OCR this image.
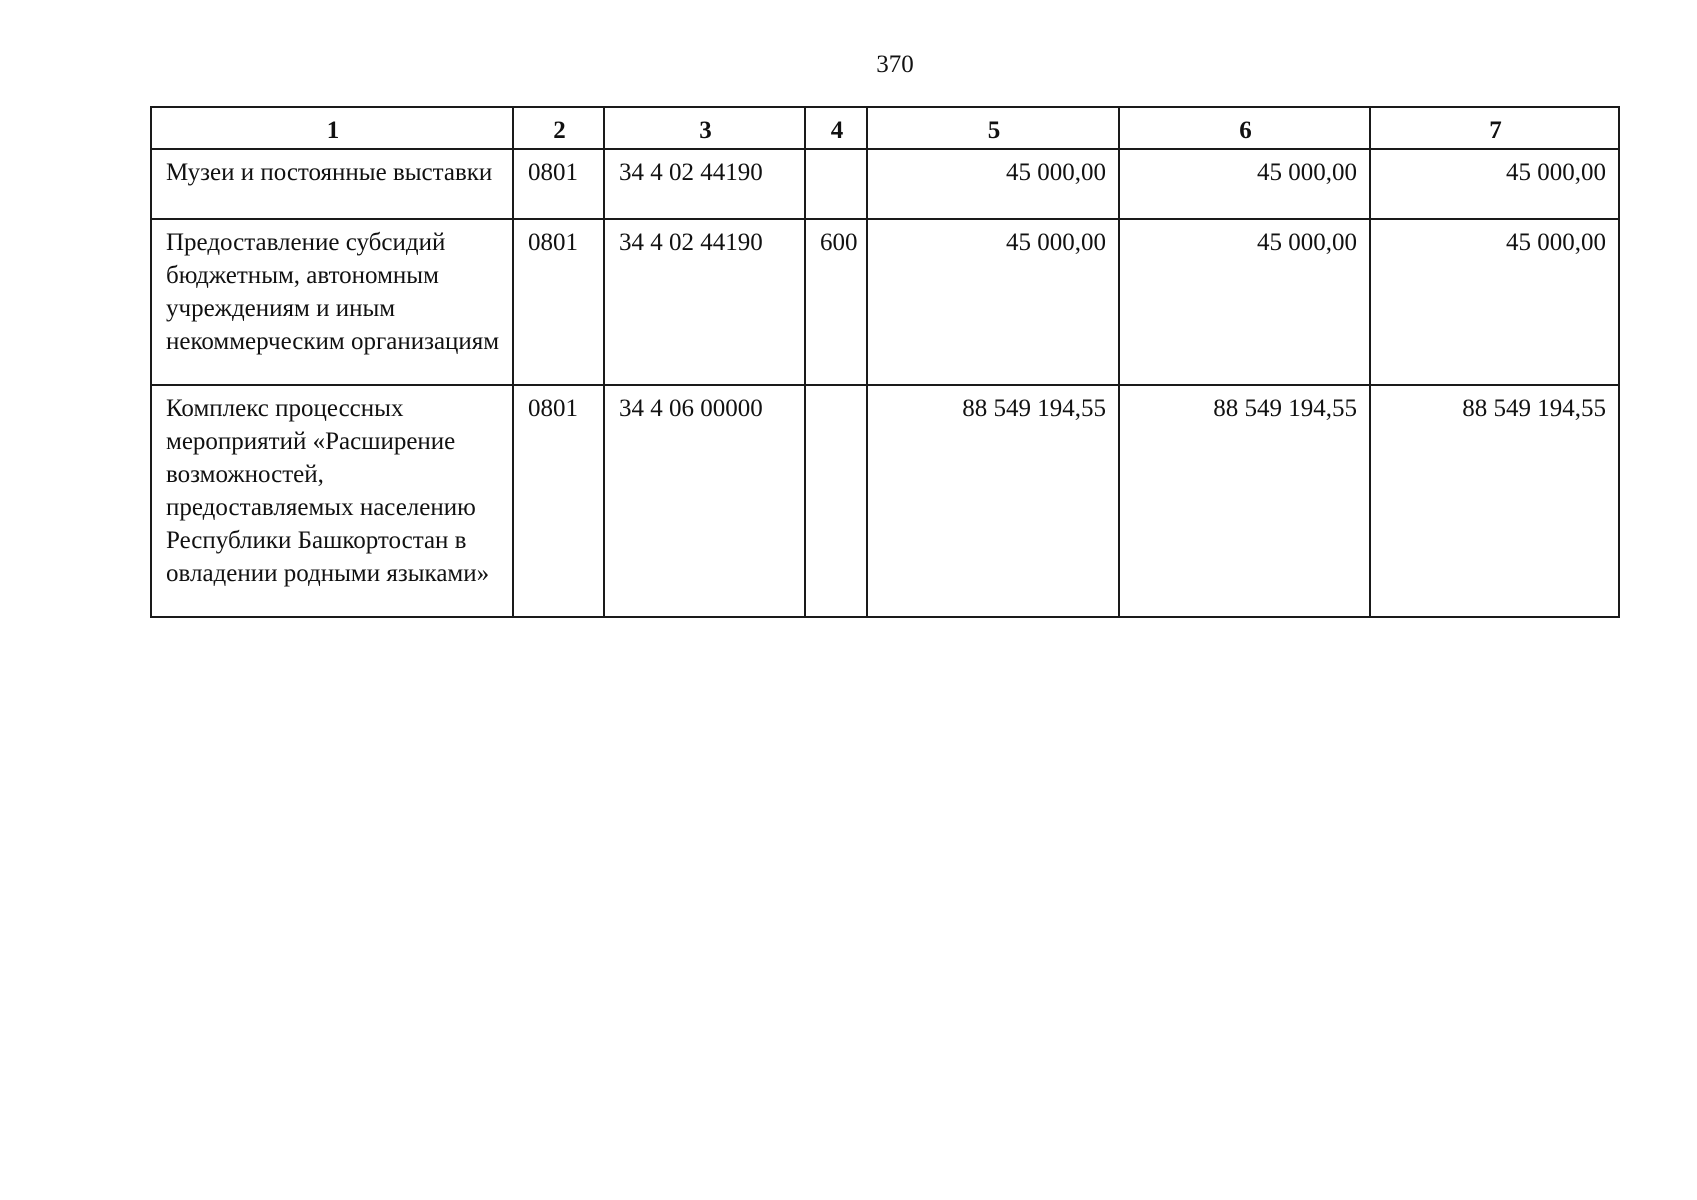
370
1	2	3	4	5	6	7
Музеи и постоянные выставки	0801	34 4 02 44190		45 000,00	45 000,00	45 000,00
Предоставление субсидий бюджетным, автономным учреждениям и иным некоммерческим организациям	0801	34 4 02 44190	600	45 000,00	45 000,00	45 000,00
Комплекс процессных мероприятий «Расширение возможностей, предоставляемых населению Республики Башкортостан в овладении родными языками»	0801	34 4 06 00000		88 549 194,55	88 549 194,55	88 549 194,55
